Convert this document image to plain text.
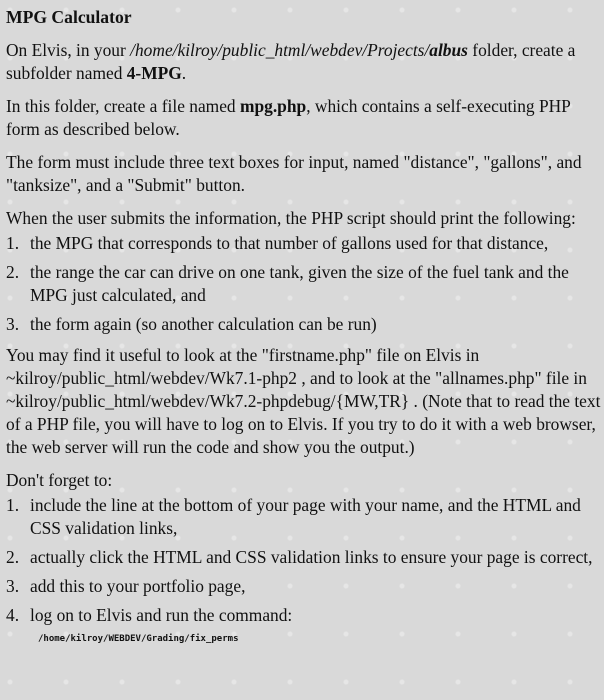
MPG Calculator

On Elvis, in your /home/kilroy/public_html/webdev/Projects/albus folder, create a subfolder named 4-MPG.

In this folder, create a file named mpg.php, which contains a self-executing PHP form as described below.

The form must include three text boxes for input, named "distance", "gallons", and "tanksize", and a "Submit" button.

When the user submits the information, the PHP script should print the following:

1. the MPG that corresponds to that number of gallons used for that distance,
2. the range the car can drive on one tank, given the size of the fuel tank and the MPG just calculated, and
3. the form again (so another calculation can be run)

You may find it useful to look at the "firstname.php" file on Elvis in ~kilroy/public_html/webdev/Wk7.1-php2 , and to look at the "allnames.php" file in ~kilroy/public_html/webdev/Wk7.2-phpdebug/{MW,TR} . (Note that to read the text of a PHP file, you will have to log on to Elvis. If you try to do it with a web browser, the web server will run the code and show you the output.)

Don't forget to:

1. include the line at the bottom of your page with your name, and the HTML and CSS validation links,
2. actually click the HTML and CSS validation links to ensure your page is correct,
3. add this to your portfolio page,
4. log on to Elvis and run the command:
/home/kilroy/WEBDEV/Grading/fix_perms
